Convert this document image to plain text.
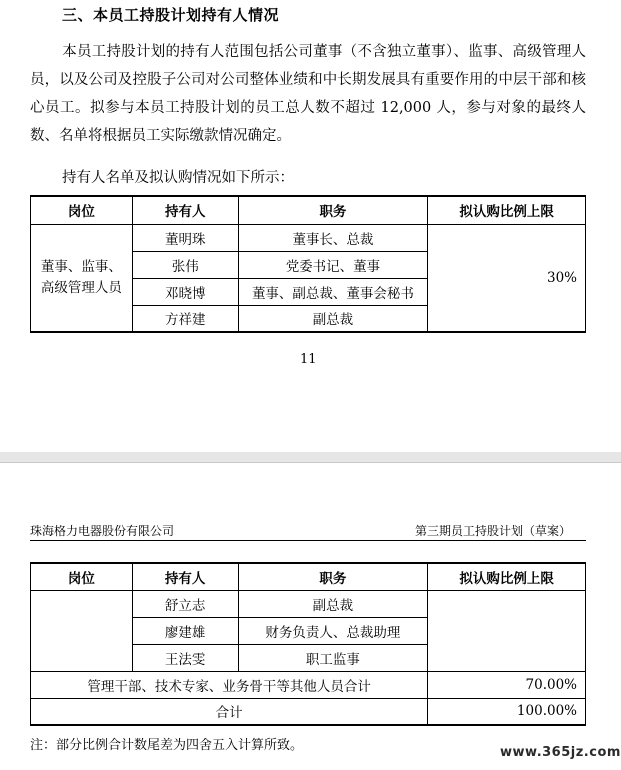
三、本员工持股计划持有人情况
本员工持股计划的持有人范围包括公司董事（不含独立董事）、监事、高级管理人员，以及公司及控股子公司对公司整体业绩和中长期发展具有重要作用的中层干部和核心员工。拟参与本员工持股计划的员工总人数不超过 12,000 人，参与对象的最终人数、名单将根据员工实际缴款情况确定。
持有人名单及拟认购情况如下所示：
岗位	持有人	职务	拟认购比例上限
董事、监事、高级管理人员	董明珠	董事长、总裁	30%
	张伟	党委书记、董事	
	邓晓博	董事、副总裁、董事会秘书	
	方祥建	副总裁	
11
珠海格力电器股份有限公司	第三期员工持股计划（草案）
岗位	持有人	职务	拟认购比例上限
	舒立志	副总裁	
	廖建雄	财务负责人、总裁助理	
	王法雯	职工监事	
管理干部、技术专家、业务骨干等其他人员合计			70.00%
合计			100.00%
注：部分比例合计数尾差为四舍五入计算所致。	www.365jz.com
